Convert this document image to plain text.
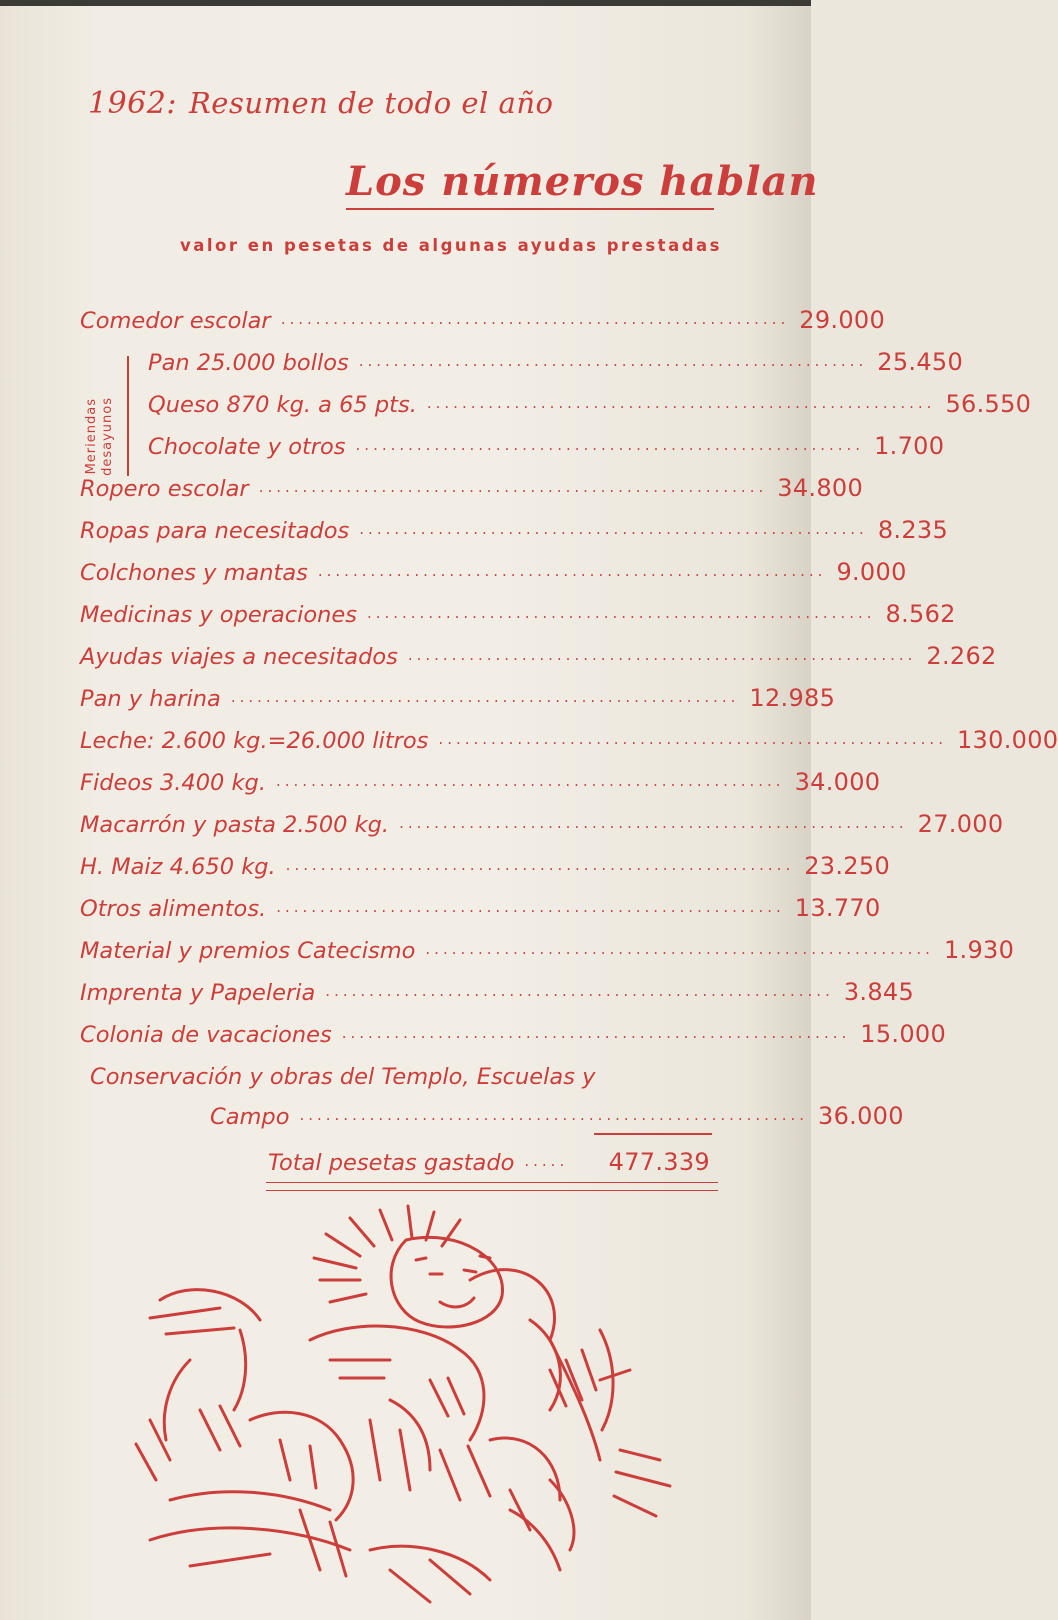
1962: Resumen de todo el año
Los números hablan
valor en pesetas de algunas ayudas prestadas
Comedor escolar .......................................................... 29.000
Meriendas desayunos
Pan 25.000 bollos .......................................................... 25.450
Queso 870 kg. a 65 pts. .......................................................... 56.550
Chocolate y otros .......................................................... 1.700
Ropero escolar .......................................................... 34.800
Ropas para necesitados .......................................................... 8.235
Colchones y mantas .......................................................... 9.000
Medicinas y operaciones .......................................................... 8.562
Ayudas viajes a necesitados .......................................................... 2.262
Pan y harina .......................................................... 12.985
Leche: 2.600 kg.=26.000 litros .......................................................... 130.000
Fideos 3.400 kg. .......................................................... 34.000
Macarrón y pasta 2.500 kg. .......................................................... 27.000
H. Maiz 4.650 kg. .......................................................... 23.250
Otros alimentos. .......................................................... 13.770
Material y premios Catecismo .......................................................... 1.930
Imprenta y Papeleria .......................................................... 3.845
Colonia de vacaciones .......................................................... 15.000
Conservación y obras del Templo, Escuelas y
Campo .......................................................... 36.000
Total pesetas gastado .....	477.339
